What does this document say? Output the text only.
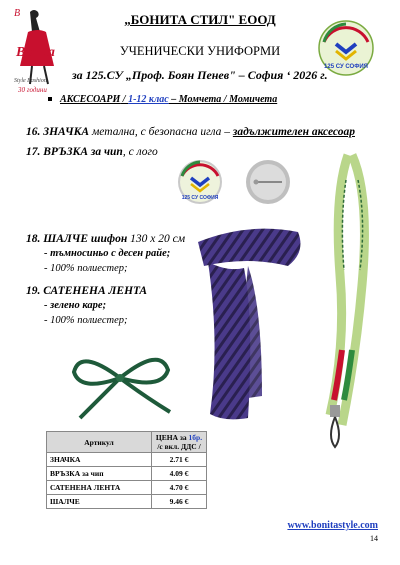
B
Bonita
Style Fashion
30 години
„БОНИТА СТИЛ" ЕООД
УЧЕНИЧЕСКИ УНИФОРМИ
за 125.СУ „Проф. Боян Пенев" – София ‘ 2026 г.
125 СУ СОФИЯ
АКСЕСОАРИ / 1-12 клас – Момчета / Момичета
16. ЗНАЧКА метална, с безопасна игла – задължителен аксесоар
17. ВРЪЗКА за чип, с лого
125 СУ СОФИЯ
18. ШАЛЧЕ шифон 130 х 20 см
- тъмносиньо с десен райе;
- 100% полиестер;
19. САТЕНЕНА ЛЕНТА
- зелено каре;
- 100% полиестер;
Артикул	ЦЕНА за 1бр.
/с вкл. ДДС /
ЗНАЧКА	2.71 €
ВРЪЗКА за чип	4.09 €
САТЕНЕНА ЛЕНТА	4.70 €
ШАЛЧЕ	9.46 €
www.bonitastyle.com
14
